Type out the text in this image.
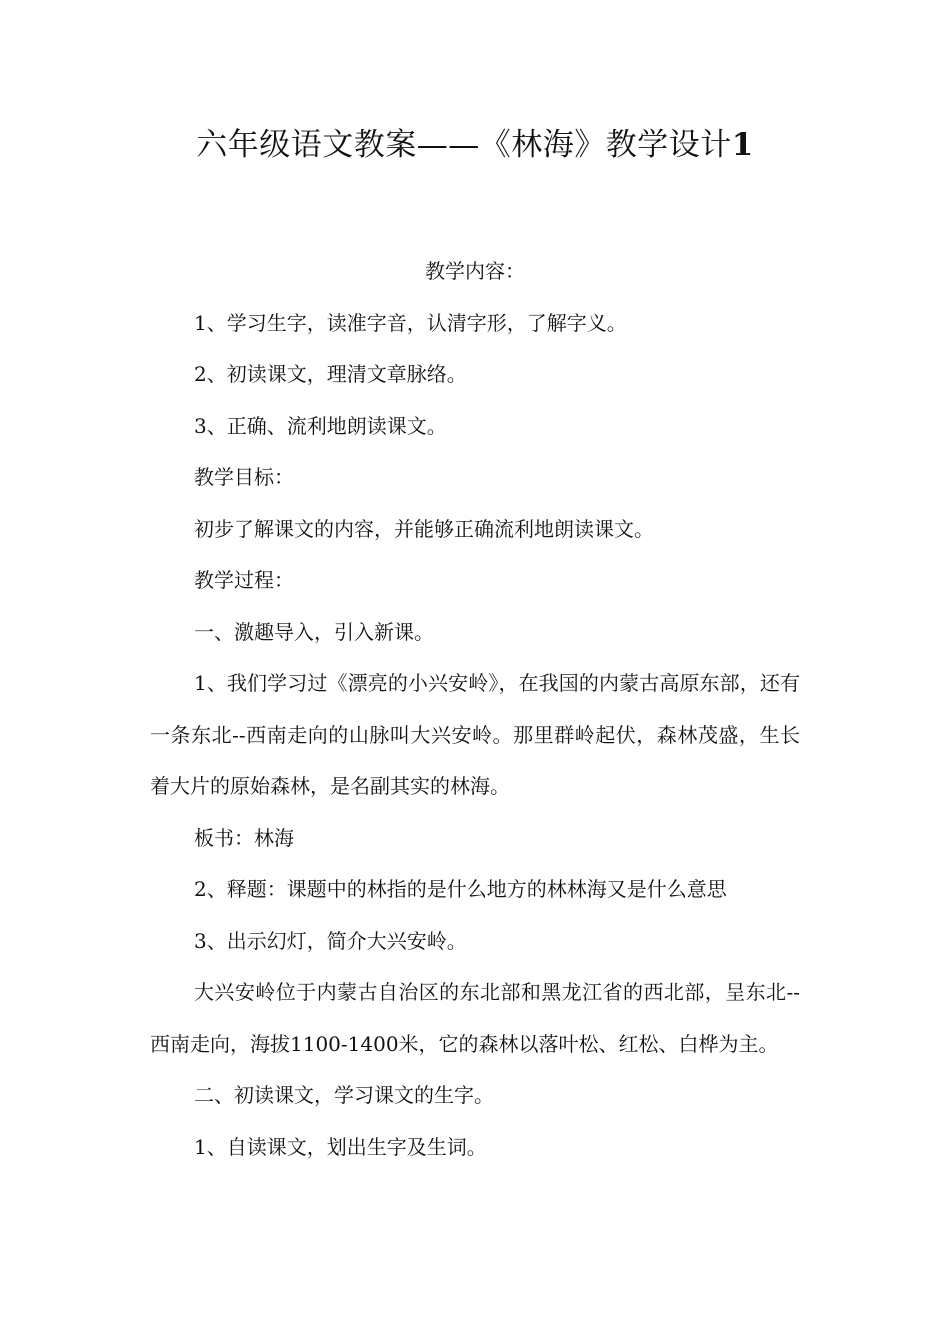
六年级语文教案——《林海》教学设计1

教学内容：

1、学习生字，读准字音，认清字形，了解字义。

2、初读课文，理清文章脉络。

3、正确、流利地朗读课文。

教学目标：

初步了解课文的内容，并能够正确流利地朗读课文。

教学过程：

一、激趣导入，引入新课。

1、我们学习过《漂亮的小兴安岭》，在我国的内蒙古高原东部，还有一条东北--西南走向的山脉叫大兴安岭。那里群岭起伏，森林茂盛，生长着大片的原始森林，是名副其实的林海。

板书：林海

2、释题：课题中的林指的是什么地方的林林海又是什么意思

3、出示幻灯，简介大兴安岭。

大兴安岭位于内蒙古自治区的东北部和黑龙江省的西北部，呈东北--西南走向，海拔1100-1400米，它的森林以落叶松、红松、白桦为主。

二、初读课文，学习课文的生字。

1、自读课文，划出生字及生词。
